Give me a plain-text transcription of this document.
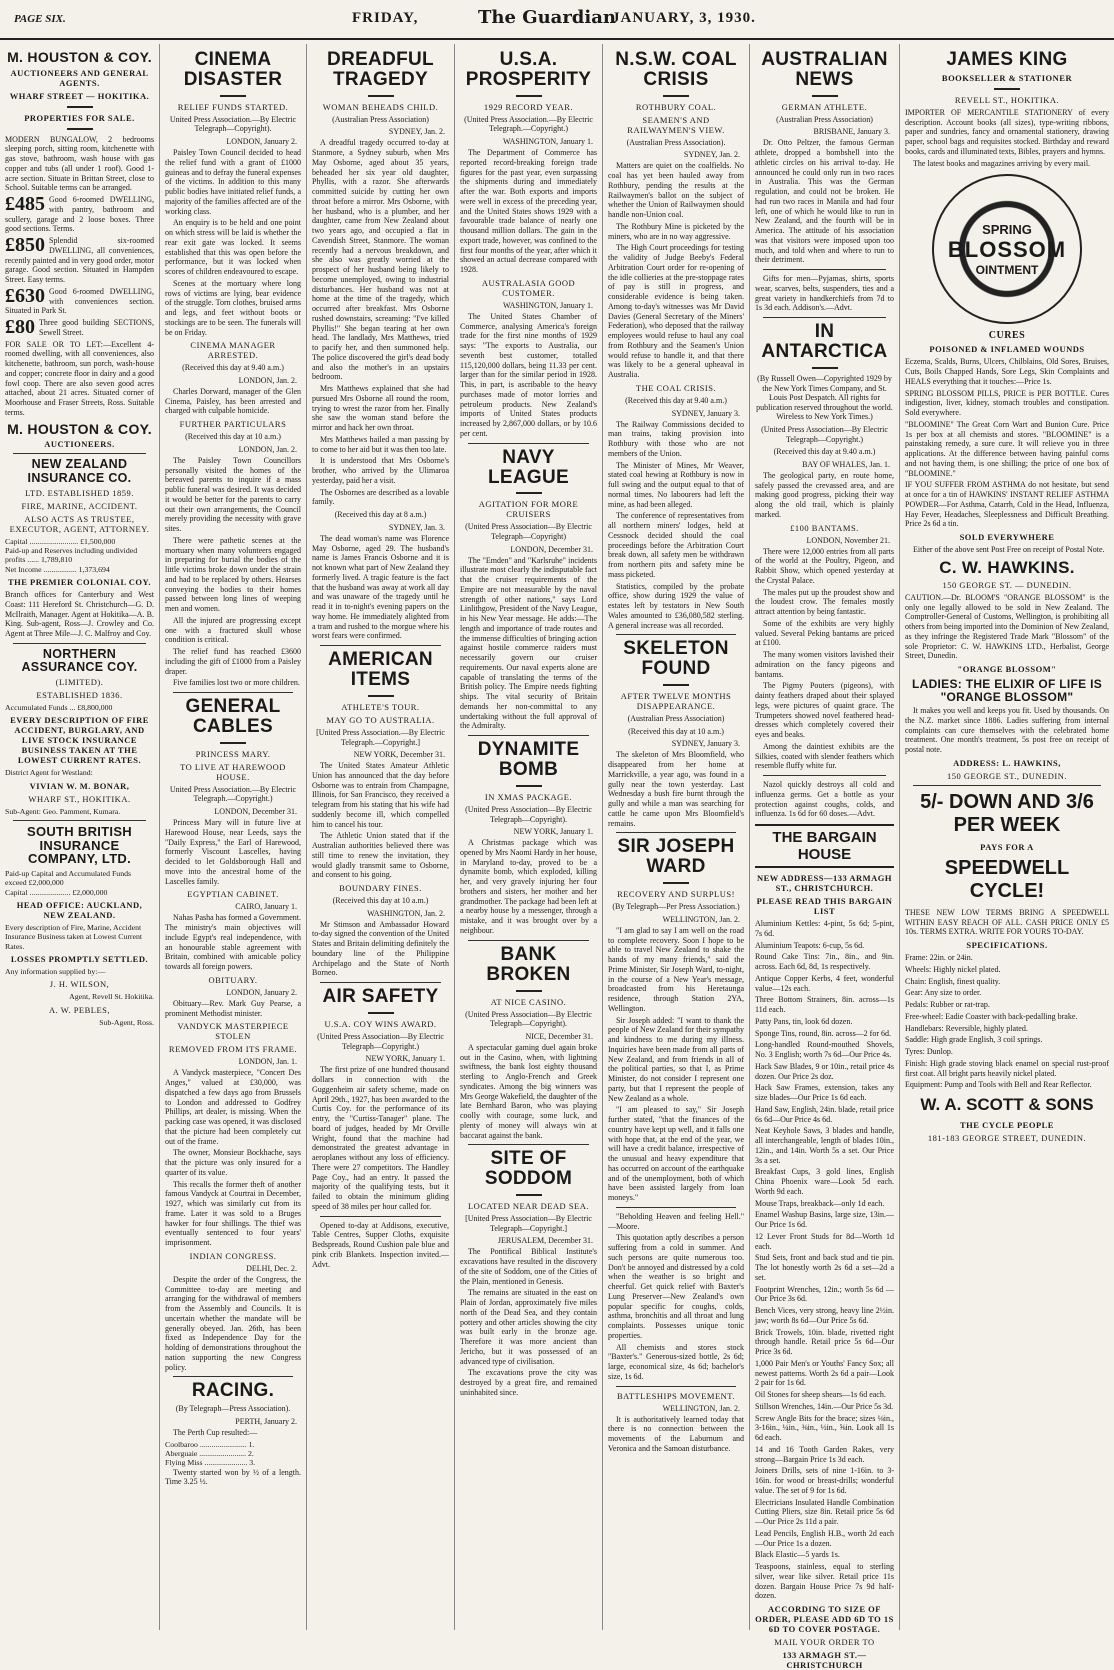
PAGE SIX.	FRIDAY,	The Guardian
JANUARY, 3, 1930.
M. HOUSTON & COY.
AUCTIONEERS AND GENERAL AGENTS.
WHARF STREET — HOKITIKA.
PROPERTIES FOR SALE.
MODERN BUNGALOW, 2 bedrooms sleeping porch, sitting room, kitchenette with gas stove, bathroom, wash house with gas copper and tubs (all under 1 roof). Good 1-acre section. Situate in Brittan Street, close to School. Suitable terms can be arranged.
£485 Good 6-roomed DWELLING, with pantry, bathroom and scullery, garage and 2 loose boxes. Three good sections. Terms.
£850 Splendid six-roomed DWELLING, all conveniences, recently painted and in very good order, motor garage. Good section. Situated in Hampden Street. Easy terms.
£630 Good 6-roomed DWELLING, with conveniences section. Situated in Park St.
£80 Three good building SECTIONS, Sewell Street.
FOR SALE OR TO LET:—Excellent 4-roomed dwelling, with all conveniences, also kitchenette, bathroom, sun porch, wash-house and copper; concrete floor in dairy and a good fowl coop. There are also seven good acres attached, about 21 acres. Situated corner of Moorhouse and Fraser Streets, Ross. Suitable terms.
M. HOUSTON & COY.
AUCTIONEERS.
NEW ZEALAND INSURANCE CO.
LTD. ESTABLISHED 1859.
FIRE, MARINE, ACCIDENT.
ALSO ACTS AS TRUSTEE, EXECUTOR, AGENT, ATTORNEY.
Capital ......................... £1,500,000
Paid-up and Reserves including undivided profits ...... 1,789,810
Net Income ................. 1,373,694
THE PREMIER COLONIAL COY.
Branch offices for Canterbury and West Coast: 111 Hereford St. Christchurch—G. D. McIlraith, Manager. Agent at Hokitika—A. B. King. Sub-agent, Ross—J. Crowley and Co. Agent at Three Mile—J. C. Malfroy and Coy.
NORTHERN ASSURANCE COY.
(LIMITED).
ESTABLISHED 1836.
Accumulated Funds ... £8,800,000
EVERY DESCRIPTION OF FIRE ACCIDENT, BURGLARY, AND LIVE STOCK INSURANCE BUSINESS TAKEN AT THE LOWEST CURRENT RATES.
District Agent for Westland:
VIVIAN W. M. BONAR,
WHARF ST., HOKITIKA.
Sub-Agent: Geo. Pamment, Kumara.
SOUTH BRITISH INSURANCE COMPANY, LTD.
Paid-up Capital and Accumulated Funds exceed £2,000,000
Capital ..................... £2,000,000
HEAD OFFICE: AUCKLAND, NEW ZEALAND.
Every description of Fire, Marine, Accident Insurance Business taken at Lowest Current Rates.
LOSSES PROMPTLY SETTLED.
Any information supplied by:—
J. H. WILSON,
Agent, Revell St. Hokitika.
A. W. PEBLES,
Sub-Agent, Ross.
CINEMA DISASTER
RELIEF FUNDS STARTED.
United Press Association.—By Electric Telegraph—Copyright).
LONDON, January 2.
Paisley Town Council decided to head the relief fund with a grant of £1000 guineas and to defray the funeral expenses of the victims. In addition to this many public bodies have initiated relief funds, a majority of the families affected are of the working class.
An enquiry is to be held and one point on which stress will be laid is whether the rear exit gate was locked. It seems established that this was open before the performance, but it was locked when scores of children endeavoured to escape.
Scenes at the mortuary where long rows of victims are lying, bear evidence of the struggle. Torn clothes, bruised arms and legs, and feet without boots or stockings are to be seen. The funerals will be on Friday.
CINEMA MANAGER ARRESTED.
(Received this day at 9.40 a.m.)
LONDON, Jan. 2.
Charles Dorward, manager of the Glen Cinema, Paisley, has been arrested and charged with culpable homicide.
FURTHER PARTICULARS
(Received this day at 10 a.m.)
LONDON, Jan. 2.
The Paisley Town Councillors personally visited the homes of the bereaved parents to inquire if a mass public funeral was desired. It was decided it would be better for the parents to carry out their own arrangements, the Council merely providing the necessity with grave sites.
There were pathetic scenes at the mortuary when many volunteers engaged in preparing for burial the bodies of the little victims broke down under the strain and had to be replaced by others. Hearses conveying the bodies to their homes passed between long lines of weeping men and women.
All the injured are progressing except one with a fractured skull whose condition is critical.
The relief fund has reached £3600 including the gift of £1000 from a Paisley draper.
Five families lost two or more children.
GENERAL CABLES
PRINCESS MARY.
TO LIVE AT HAREWOOD HOUSE.
United Press Association.—By Electric Telegraph.—Copyright.)
LONDON, December 31.
Princess Mary will in future live at Harewood House, near Leeds, says the "Daily Express," the Earl of Harewood, formerly Viscount Lascelles, having decided to let Goldsborough Hall and move into the ancestral home of the Lascelles family.
EGYPTIAN CABINET.
CAIRO, January 1.
Nahas Pasha has formed a Government. The ministry's main objectives will include Egypt's real independence, with an honourable stable agreement with Britain, combined with amicable policy towards all foreign powers.
OBITUARY.
LONDON, January 2.
Obituary—Rev. Mark Guy Pearse, a prominent Methodist minister.
VANDYCK MASTERPIECE STOLEN
REMOVED FROM ITS FRAME.
LONDON, Jan. 1.
A Vandyck masterpiece, "Concert Des Anges," valued at £30,000, was dispatched a few days ago from Brussels to London and addressed to Godfrey Phillips, art dealer, is missing. When the packing case was opened, it was disclosed that the picture had been completely cut out of the frame.
The owner, Monsieur Bockhache, says that the picture was only insured for a quarter of its value.
This recalls the former theft of another famous Vandyck at Courtrai in December, 1927, which was similarly cut from its frame. Later it was sold to a Bruges hawker for four shillings. The thief was eventually sentenced to four years' imprisonment.
INDIAN CONGRESS.
DELHI, Dec. 2.
Despite the order of the Congress, the Committee to-day are meeting and arranging for the withdrawal of members from the Assembly and Councils. It is uncertain whether the mandate will be generally obeyed. Jan. 26th, has been fixed as Independence Day for the holding of demonstrations throughout the nation supporting the new Congress policy.
RACING.
(By Telegraph—Press Association).
PERTH, January 2.
The Perth Cup resulted:—
Coolbaroo ........................ 1.
Aberguaie ........................ 2.
Flying Miss ...................... 3.
Twenty started won by ½ of a length. Time 3.25 ½.
DREADFUL TRAGEDY
WOMAN BEHEADS CHILD.
(Australian Press Association)
SYDNEY, Jan. 2.
A dreadful tragedy occurred to-day at Stanmore, a Sydney suburb, when Mrs May Osborne, aged about 35 years, beheaded her six year old daughter, Phyllis, with a razor. She afterwards committed suicide by cutting her own throat before a mirror. Mrs Osborne, with her husband, who is a plumber, and her daughter, came from New Zealand about two years ago, and occupied a flat in Cavendish Street, Stanmore. The woman recently had a nervous breakdown, and she also was greatly worried at the prospect of her husband being likely to become unemployed, owing to industrial disturbances. Her husband was not at home at the time of the tragedy, which occurred after breakfast. Mrs Osborne rushed downstairs, screaming: "I've killed Phyllis!" She began tearing at her own head. The landlady, Mrs Matthews, tried to pacify her, and then summoned help. The police discovered the girl's dead body and also the mother's in an upstairs bedroom.
Mrs Matthews explained that she had pursued Mrs Osborne all round the room, trying to wrest the razor from her. Finally she saw the woman stand before the mirror and hack her own throat.
Mrs Matthews hailed a man passing by to come to her aid but it was then too late.
It is understood that Mrs Osborne's brother, who arrived by the Ulimaroa yesterday, paid her a visit.
The Osbornes are described as a lovable family.
(Received this day at 8 a.m.)
SYDNEY, Jan. 3.
The dead woman's name was Florence May Osborne, aged 29. The husband's name is James Francis Osborne and it is not known what part of New Zealand they formerly lived. A tragic feature is the fact that the husband was away at work all day and was unaware of the tragedy until he read it in to-night's evening papers on the way home. He immediately alighted from a tram and rushed to the morgue where his worst fears were confirmed.
AMERICAN ITEMS
ATHLETE'S TOUR.
MAY GO TO AUSTRALIA.
[United Press Association.—By Electric Telegraph.—Copyright.]
NEW YORK, December 31.
The United States Amateur Athletic Union has announced that the day before Osborne was to entrain from Champagne, Illinois, for San Francisco, they received a telegram from his stating that his wife had suddenly become ill, which compelled him to cancel his tour.
The Athletic Union stated that if the Australian authorities believed there was still time to renew the invitation, they would gladly transmit same to Osborne, and consent to his going.
BOUNDARY FINES.
(Received this day at 10 a.m.)
WASHINGTON, Jan. 2.
Mr Stimson and Ambassador Howard to-day signed the convention of the United States and Britain delimiting definitely the boundary line of the Philippine Archipelago and the State of North Borneo.
AIR SAFETY
U.S.A. COY WINS AWARD.
(United Press Association—By Electric Telegraph—Copyright.)
NEW YORK, January 1.
The first prize of one hundred thousand dollars in connection with the Guggenheim air safety scheme, made on April 29th., 1927, has been awarded to the Curtis Coy. for the performance of its entry, the "Curtiss-Tanager" plane. The board of judges, headed by Mr Orville Wright, found that the machine had demonstrated the greatest advantage in aeroplanes without any loss of efficiency. There were 27 competitors. The Handley Page Coy., had an entry. It passed the majority of the qualifying tests, but it failed to obtain the minimum gliding speed of 38 miles per hour called for.
Opened to-day at Addisons, executive, Table Centres, Supper Cloths, exquisite Bedspreads, Round Cushion pale blue and pink crib Blankets. Inspection invited.—Advt.
U.S.A. PROSPERITY
1929 RECORD YEAR.
(United Press Association.—By Electric Telegraph.—Copyright.)
WASHINGTON, January 1.
The Department of Commerce has reported record-breaking foreign trade figures for the past year, even surpassing the shipments during and immediately after the war. Both exports and imports were well in excess of the preceding year, and the United States shows 1929 with a favourable trade balance of nearly one thousand million dollars. The gain in the export trade, however, was confined to the first four months of the year, after which it showed an actual decrease compared with 1928.
AUSTRALASIA GOOD CUSTOMER.
WASHINGTON, January 1.
The United States Chamber of Commerce, analysing America's foreign trade for the first nine months of 1929 says: "The exports to Australia, our seventh best customer, totalled 115,120,000 dollars, being 11.33 per cent. larger than for the similar period in 1928. This, in part, is ascribable to the heavy purchases made of motor lorries and petroleum products. New Zealand's imports of United States products increased by 2,867,000 dollars, or by 10.6 per cent.
NAVY LEAGUE
AGITATION FOR MORE CRUISERS
(United Press Association—By Electric Telegraph—Copyright)
LONDON, December 31.
The "Emden" and "Karlsruhe" incidents illustrate most clearly the indisputable fact that the cruiser requirements of the Empire are not measurable by the naval strength of other nations," says Lord Linlithgow, President of the Navy League, in his New Year message. He adds:—The length and importance of trade routes and the immense difficulties of bringing action against hostile commerce raiders must necessarily govern our cruiser requirements. Our naval experts alone are capable of translating the terms of the British policy. The Empire needs fighting ships. The vital security of Britain demands her non-committal to any undertaking without the full approval of the Admiralty.
DYNAMITE BOMB
IN XMAS PACKAGE.
(United Press Association—By Electric Telegraph—Copyright).
NEW YORK, January 1.
A Christmas package which was opened by Mrs Naomi Hardy in her house, in Maryland to-day, proved to be a dynamite bomb, which exploded, killing her, and very gravely injuring her four brothers and sisters, her mother and her grandmother. The package had been left at a nearby house by a messenger, through a mistake, and it was brought over by a neighbour.
BANK BROKEN
AT NICE CASINO.
(United Press Association—By Electric Telegraph—Copyright).
NICE, December 31.
A spectacular gaming duel again broke out in the Casino, when, with lightning swiftness, the bank lost eighty thousand sterling to Anglo-French and Greek syndicates. Among the big winners was Mrs George Wakefield, the daughter of the late Bernhard Baron, who was playing coolly with courage, some luck, and plenty of money will always win at baccarat against the bank.
SITE OF SODDOM
LOCATED NEAR DEAD SEA.
[United Press Association—By Electric Telegraph—Copyright.]
JERUSALEM, December 31.
The Pontifical Biblical Institute's excavations have resulted in the discovery of the site of Soddom, one of the Cities of the Plain, mentioned in Genesis.
The remains are situated in the east on Plain of Jordan, approximately five miles north of the Dead Sea, and they contain pottery and other articles showing the city was built early in the bronze age. Therefore it was more ancient than Jericho, but it was possessed of an advanced type of civilisation.
The excavations prove the city was destroyed by a great fire, and remained uninhabited since.
N.S.W. COAL CRISIS
ROTHBURY COAL.
SEAMEN'S AND RAILWAYMEN'S VIEW.
(Australian Press Association).
SYDNEY, Jan. 2.
Matters are quiet on the coalfields. No coal has yet been hauled away from Rothbury, pending the results at the Railwaymen's ballot on the subject of whether the Union of Railwaymen should handle non-Union coal.
The Rothbury Mine is picketed by the miners, who are in no way aggressive.
The High Court proceedings for testing the validity of Judge Beeby's Federal Arbitration Court order for re-opening of the idle collieries at the pre-stoppage rates of pay is still in progress, and considerable evidence is being taken. Among to-day's witnesses was Mr David Davies (General Secretary of the Miners' Federation), who deposed that the railway employees would refuse to haul any coal from Rothbury and the Seamen's Union would refuse to handle it, and that there was likely to be a general upheaval in Australia.
THE COAL CRISIS.
(Received this day at 9.40 a.m.)
SYDNEY, January 3.
The Railway Commissions decided to man trains, taking provision into Rothbury with those who are not members of the Union.
The Minister of Mines, Mr Weaver, stated coal hewing at Rothbury is now in full swing and the output equal to that of normal times. No labourers had left the mine, as had been alleged.
The conference of representatives from all northern miners' lodges, held at Cessnock decided should the coal proceedings before the Arbitration Court break down, all safety men be withdrawn from northern pits and safety mine be mass picketed.
Statistics, compiled by the probate office, show during 1929 the value of estates left by testators in New South Wales amounted to £36,080,582 sterling. A general increase was all recorded.
SKELETON FOUND
AFTER TWELVE MONTHS DISAPPEARANCE.
(Australian Press Association)
(Received this day at 10 a.m.)
SYDNEY, January 3.
The skeleton of Mrs Bloomfield, who disappeared from her home at Marrickville, a year ago, was found in a gully near the town yesterday. Last Wednesday a bush fire burnt through the gully and while a man was searching for cattle he came upon Mrs Bloomfield's remains.
SIR JOSEPH WARD
RECOVERY AND SURPLUS!
(By Telegraph—Per Press Association.)
WELLINGTON, Jan. 2.
"I am glad to say I am well on the road to complete recovery. Soon I hope to be able to travel New Zealand to shake the hands of my many friends," said the Prime Minister, Sir Joseph Ward, to-night, in the course of a New Year's message, broadcasted from his Heretaunga residence, through Station 2YA, Wellington.
Sir Joseph added: "I want to thank the people of New Zealand for their sympathy and kindness to me during my illness. Inquiries have been made from all parts of New Zealand, and from friends in all of the political parties, so that I, as Prime Minister, do not consider I represent one party, but that I represent the people of New Zealand as a whole.
"I am pleased to say," Sir Joseph further stated, "that the finances of the country have kept up well, and it falls one with hope that, at the end of the year, we will have a credit balance, irrespective of the unusual and heavy expenditure that has occurred on account of the earthquake and of the unemployment, both of which have been assisted largely from loan moneys."
"Beholding Heaven and feeling Hell." —Moore.
This quotation aptly describes a person suffering from a cold in summer. And such persons are quite numerous too. Don't be annoyed and distressed by a cold when the weather is so bright and cheerful. Get quick relief with Baxter's Lung Preserver—New Zealand's own popular specific for coughs, colds, asthma, bronchitis and all throat and lung complaints. Possesses unique tonic properties.
All chemists and stores stock "Baxter's." Generous-sized bottle, 2s 6d; large, economical size, 4s 6d; bachelor's size, 1s 6d.
BATTLESHIPS MOVEMENT.
WELLINGTON, Jan. 2.
It is authoritatively learned today that there is no connection between the movements of the Laburnum and Veronica and the Samoan disturbance.
AUSTRALIAN NEWS
GERMAN ATHLETE.
(Australian Press Association)
BRISBANE, January 3.
Dr. Otto Peltzer, the famous German athlete, dropped a bombshell into the athletic circles on his arrival to-day. He announced he could only run in two races in Australia. This was the German regulation, and could not be broken. He had run two races in Manila and had four left, one of which he would like to run in New Zealand, and the fourth will be in America. The attitude of his association was that visitors were imposed upon too much, and told when and where to run to their detriment.
Gifts for men—Pyjamas, shirts, sports wear, scarves, belts, suspenders, ties and a great variety in handkerchiefs from 7d to 1s 3d each. Addison's.—Advt.
IN ANTARCTICA
(By Russell Owen—Copyrighted 1929 by the New York Times Company, and St. Louis Post Despatch. All rights for publication reserved throughout the world. Wireless to New York Times.)
(United Press Association—By Electric Telegraph—Copyright.)
(Received this day at 9.40 a.m.)
BAY OF WHALES, Jan. 1.
The geological party, en route home, safely passed the crevassed area, and are making good progress, picking their way along the old trail, which is plainly marked.
£100 BANTAMS.
LONDON, November 21.
There were 12,000 entries from all parts of the world at the Poultry, Pigeon, and Rabbit Show, which opened yesterday at the Crystal Palace.
The males put up the proudest show and the loudest crow. The females mostly attract attention by being fantastic.
Some of the exhibits are very highly valued. Several Peking bantams are priced at £100.
The many women visitors lavished their admiration on the fancy pigeons and bantams.
The Pigmy Pouters (pigeons), with dainty feathers draped about their splayed legs, were pictures of quaint grace. The Trumpeters showed novel feathered head-dresses which completely covered their eyes and beaks.
Among the daintiest exhibits are the Silkies, coated with slender feathers which resemble fluffy white fur.
Nazol quickly destroys all cold and influenza germs. Get a bottle as your protection against coughs, colds, and influenza. 1s 6d for 60 doses.—Advt.
THE BARGAIN HOUSE
NEW ADDRESS—133 ARMAGH ST., CHRISTCHURCH.
PLEASE READ THIS BARGAIN LIST
Aluminium Kettles: 4-pint, 5s 6d; 5-pint, 7s 6d.
Aluminium Teapots: 6-cup, 5s 6d.
Round Cake Tins: 7in., 8in., and 9in. across. Each 6d, 8d, 1s respectively.
Antique Copper Kerbs, 4 feet, wonderful value—12s each.
Three Bottom Strainers, 8in. across—1s 11d each.
Patty Pans, tin, look 6d dozen.
Sponge Tins, round, 8in. across—2 for 6d.
Long-handled Round-mouthed Shovels, No. 3 English; worth 7s 6d—Our Price 4s.
Hack Saw Blades, 9 or 10in., retail price 4s dozen. Our Price 2s doz.
Hack Saw Frames, extension, takes any size blades—Our Price 1s 6d each.
Hand Saw, English, 24in. blade, retail price 6s 6d—Our Price 4s 6d.
Neat Keyhole Saws, 3 blades and handle, all interchangeable, length of blades 10in., 12in., and 14in. Worth 5s a set. Our Price 3s a set.
Breakfast Cups, 3 gold lines, English China Phoenix ware—Look 5d each. Worth 9d each.
Mouse Traps, breakback—only 1d each.
Enamel Washup Basins, large size, 13in.—Our Price 1s 6d.
12 Lever Front Studs for 8d—Worth 1d each.
Stud Sets, front and back stud and tie pin. The lot honestly worth 2s 6d a set—2d a set.
Footprint Wrenches, 12in.; worth 5s 6d —Our Price 3s 6d.
Bench Vices, very strong, heavy line 2½in. jaw; worth 8s 6d—Our Price 5s 6d.
Brick Trowels, 10in. blade, rivetted right through handle. Retail price 5s 6d—Our Price 3s 6d.
1,000 Pair Men's or Youths' Fancy Sox; all newest patterns. Worth 2s 6d a pair—Look 2 pair for 1s 6d.
Oil Stones for sheep shears—1s 6d each.
Stillson Wrenches, 14in.—Our Price 5s 3d.
Screw Angle Bits for the brace; sizes ⅛in., 3-16in., ¼in., ⅜in., ½in., ⅝in. Look all 1s 6d each.
14 and 16 Tooth Garden Rakes, very strong—Bargain Price 1s 3d each.
Joiners Drills, sets of nine 1-16in. to 3-16in. for wood or breast-drills; wonderful value. The set of 9 for 1s 6d.
Electricians Insulated Handle Combination Cutting Pliers, size 8in. Retail price 5s 6d—Our Price 2s 11d a pair.
Lead Pencils, English H.B., worth 2d each—Our Price 1s a dozen.
Black Elastic—5 yards 1s.
Teaspoons, stainless, equal to sterling silver, wear like silver. Retail price 11s dozen. Bargain House Price 7s 9d half-dozen.
ACCORDING TO SIZE OF ORDER, PLEASE ADD 6D TO 1S 6D TO COVER POSTAGE.
MAIL YOUR ORDER TO
133 ARMAGH ST.—CHRISTCHURCH
JAMES KING
BOOKSELLER & STATIONER
REVELL ST., HOKITIKA.
IMPORTER OF MERCANTILE STATIONERY of every description. Account books (all sizes), type-writing ribbons, paper and sundries, fancy and ornamental stationery, drawing paper, school bags and requisites stocked. Birthday and reward books, cards and illuminated texts, Bibles, prayers and hymns.
The latest books and magazines arriving by every mail.
SPRING
BLOSSOM
OINTMENT
CURES
POISONED & INFLAMED WOUNDS
Eczema, Scalds, Burns, Ulcers, Chilblains, Old Sores, Bruises, Cuts, Boils Chapped Hands, Sore Legs, Skin Complaints and HEALS everything that it touches:—Price 1s.
SPRING BLOSSOM PILLS, PRICE is PER BOTTLE. Cures indigestion, liver, kidney, stomach troubles and constipation. Sold everywhere.
"BLOOMINE" The Great Corn Wart and Bunion Cure. Price 1s per box at all chemists and stores. "BLOOMINE" is a painstaking remedy, a sure cure. It will relieve you in three applications. At the difference between having painful corns and not having them, is one shilling; the price of one box of "BLOOMINE."
IF YOU SUFFER FROM ASTHMA do not hesitate, but send at once for a tin of HAWKINS' INSTANT RELIEF ASTHMA POWDER—For Asthma, Catarrh, Cold in the Head, Influenza, Hay Fever, Headaches, Sleeplessness and Difficult Breathing. Price 2s 6d a tin.
SOLD EVERYWHERE
Either of the above sent Post Free on receipt of Postal Note.
C. W. HAWKINS.
150 GEORGE ST. — DUNEDIN.
CAUTION.—Dr. BLOOM'S "ORANGE BLOSSOM" is the only one legally allowed to be sold in New Zealand. The Comptroller-General of Customs, Wellington, is prohibiting all others from being imported into the Dominion of New Zealand, as they infringe the Registered Trade Mark "Blossom" of the sole Proprietor: C. W. HAWKINS LTD., Herbalist, George Street, Dunedin.
"ORANGE BLOSSOM"
LADIES: THE ELIXIR OF LIFE IS "ORANGE BLOSSOM"
It makes you well and keeps you fit. Used by thousands. On the N.Z. market since 1886. Ladies suffering from internal complaints can cure themselves with the celebrated home treatment. One month's treatment, 5s post free on receipt of postal note.
ADDRESS: L. HAWKINS,
150 GEORGE ST., DUNEDIN.
5/- DOWN AND 3/6 PER WEEK
PAYS FOR A
SPEEDWELL CYCLE!
THESE NEW LOW TERMS BRING A SPEEDWELL WITHIN EASY REACH OF ALL. CASH PRICE ONLY £5 10s. TERMS EXTRA. WRITE FOR YOURS TO-DAY.
SPECIFICATIONS.
Frame: 22in. or 24in.
Wheels: Highly nickel plated.
Chain: English, finest quality.
Gear: Any size to order.
Pedals: Rubber or rat-trap.
Free-wheel: Eadie Coaster with back-pedalling brake.
Handlebars: Reversible, highly plated.
Saddle: High grade English, 3 coil springs.
Tyres: Dunlop.
Finish: High grade stoving black enamel on special rust-proof first coat. All bright parts heavily nickel plated.
Equipment: Pump and Tools with Bell and Rear Reflector.
W. A. SCOTT & SONS
THE CYCLE PEOPLE
181-183 GEORGE STREET, DUNEDIN.
